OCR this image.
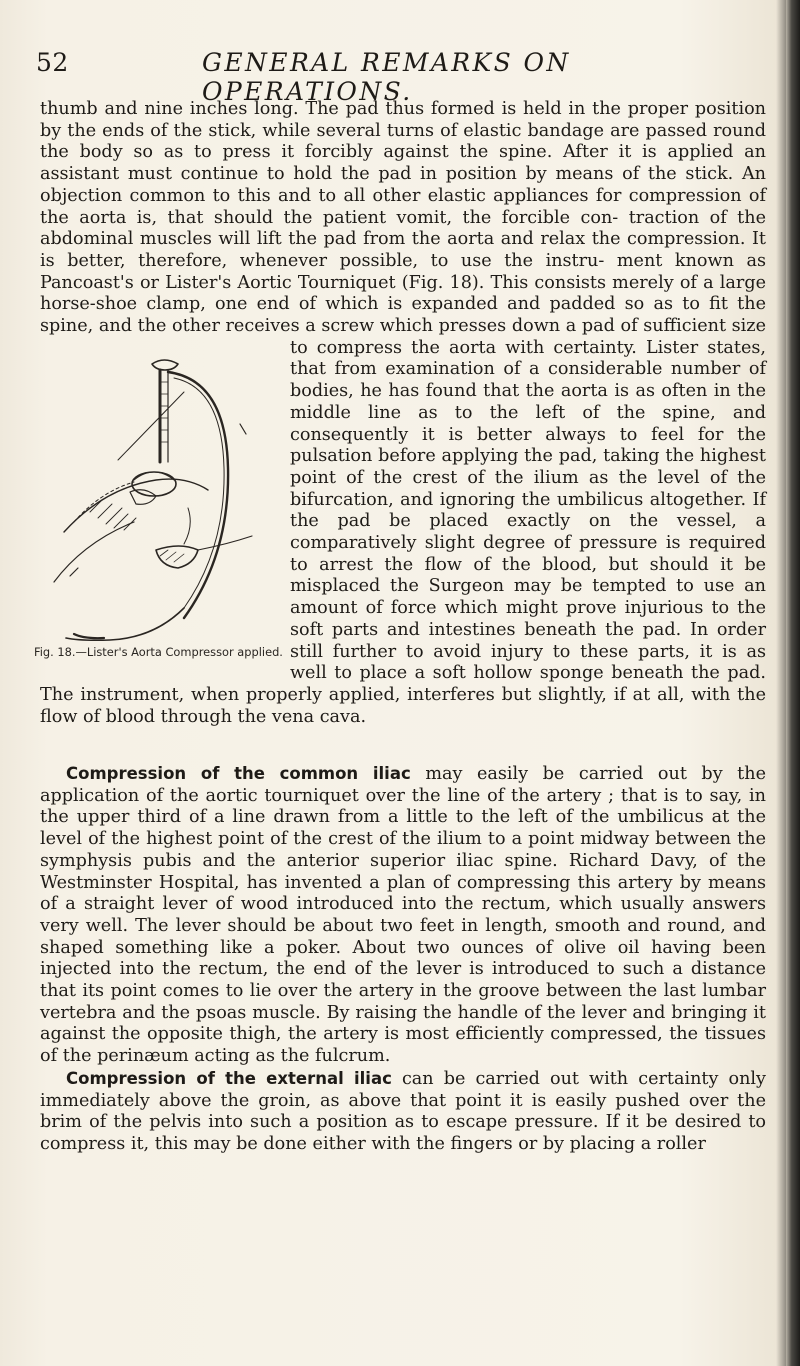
52	GENERAL REMARKS ON OPERATIONS.

thumb and nine inches long. The pad thus formed is held in the proper position by the ends of the stick, while several turns of elastic bandage are passed round the body so as to press it forcibly against the spine. After it is applied an assistant must continue to hold the pad in position by means of the stick. An objection common to this and to all other elastic appliances for compression of the aorta is, that should the patient vomit, the forcible con- traction of the abdominal muscles will lift the pad from the aorta and relax the compression. It is better, therefore, whenever possible, to use the instru- ment known as Pancoast's or Lister's Aortic Tourniquet (Fig. 18). This consists merely of a large horse-shoe clamp, one end of which is expanded and padded so as to fit the spine, and the other receives a screw which presses down a pad of sufficient size to compress the aorta with certainty.
Fig. 18.—Lister's Aorta Compressor applied.
Lister states, that from examination of a considerable number of bodies, he has found that the aorta is as often in the middle line as to the left of the spine, and consequently it is better always to feel for the pulsation before applying the pad, taking the highest point of the crest of the ilium as the level of the bifurcation, and ignoring the umbilicus altogether. If the pad be placed exactly on the vessel, a comparatively slight degree of pressure is required to arrest the flow of the blood, but should it be misplaced the Surgeon may be tempted to use an amount of force which might prove injurious to the soft parts and intestines beneath the pad. In order still further to avoid injury to these parts, it is as well to place a soft hollow sponge beneath the pad. The instrument, when properly applied, interferes but slightly, if at all, with the flow of blood through the vena cava.

Compression of the common iliac may easily be carried out by the application of the aortic tourniquet over the line of the artery ; that is to say, in the upper third of a line drawn from a little to the left of the umbilicus at the level of the highest point of the crest of the ilium to a point midway between the symphysis pubis and the anterior superior iliac spine. Richard Davy, of the Westminster Hospital, has invented a plan of compressing this artery by means of a straight lever of wood introduced into the rectum, which usually answers very well. The lever should be about two feet in length, smooth and round, and shaped something like a poker. About two ounces of olive oil having been injected into the rectum, the end of the lever is introduced to such a distance that its point comes to lie over the artery in the groove between the last lumbar vertebra and the psoas muscle. By raising the handle of the lever and bringing it against the opposite thigh, the artery is most efficiently compressed, the tissues of the perinæum acting as the fulcrum.

Compression of the external iliac can be carried out with certainty only immediately above the groin, as above that point it is easily pushed over the brim of the pelvis into such a position as to escape pressure. If it be desired to compress it, this may be done either with the fingers or by placing a roller
